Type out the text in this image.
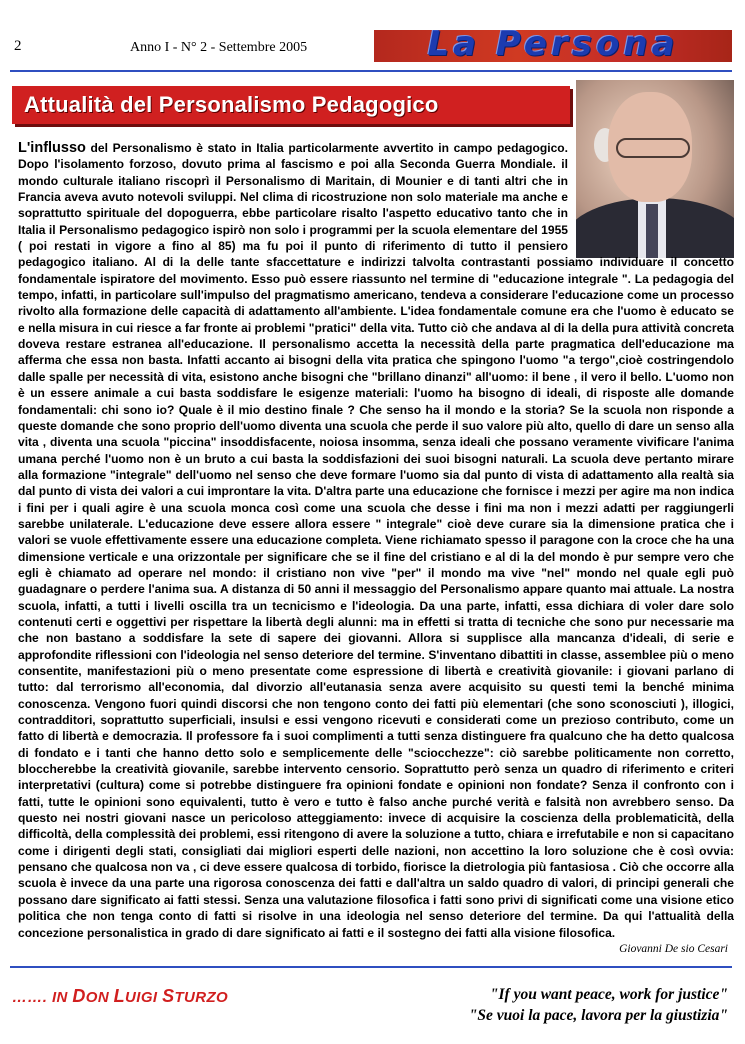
2	Anno I - N° 2 - Settembre 2005	La Persona
Attualità del Personalismo Pedagogico
L'influsso del Personalismo è stato in Italia particolarmente avvertito in campo pedagogico. Dopo l'isolamento forzoso, dovuto prima al fascismo e poi alla Seconda Guerra Mondiale. il mondo culturale italiano riscoprì il Personalismo di Maritain, di Mounier e di tanti altri che in Francia aveva avuto notevoli sviluppi. Nel clima di ricostruzione non solo materiale ma anche e soprattutto spirituale del dopoguerra, ebbe particolare risalto l'aspetto educativo tanto che in Italia il Personalismo pedagogico ispirò non solo i programmi per la scuola elementare del 1955 ( poi restati in vigore a fino al 85) ma fu poi il punto di riferimento di tutto il pensiero pedagogico italiano. Al di la delle tante sfaccettature e indirizzi talvolta contrastanti possiamo individuare il concetto fondamentale ispiratore del movimento. Esso può essere riassunto nel termine di "educazione integrale ". La pedagogia del tempo, infatti, in particolare sull'impulso del pragmatismo americano, tendeva a considerare l'educazione come un processo rivolto alla formazione delle capacità di adattamento all'ambiente. L'idea fondamentale comune era che l'uomo è educato se e nella misura in cui riesce a far fronte ai problemi "pratici" della vita. Tutto ciò che andava al di la della pura attività concreta doveva restare estranea all'educazione. Il personalismo accetta la necessità della parte pragmatica dell'educazione ma afferma che essa non basta. Infatti accanto ai bisogni della vita pratica che spingono l'uomo "a tergo",cioè costringendolo dalle spalle per necessità di vita, esistono anche bisogni che "brillano dinanzi" all'uomo: il bene , il vero il bello. L'uomo non è un essere animale a cui basta soddisfare le esigenze materiali: l'uomo ha bisogno di ideali, di risposte alle domande fondamentali: chi sono io? Quale è il mio destino finale ? Che senso ha il mondo e la storia? Se la scuola non risponde a queste domande che sono proprio dell'uomo diventa una scuola che perde il suo valore più alto, quello di dare un senso alla vita , diventa una scuola "piccina" insoddisfacente, noiosa insomma, senza ideali che possano veramente vivificare l'anima umana perché l'uomo non è un bruto a cui basta la soddisfazioni dei suoi bisogni naturali. La scuola deve pertanto mirare alla formazione "integrale" dell'uomo nel senso che deve formare l'uomo sia dal punto di vista di adattamento alla realtà sia dal punto di vista dei valori a cui improntare la vita. D'altra parte una educazione che fornisce i mezzi per agire ma non indica i fini per i quali agire è una scuola monca così come una scuola che desse i fini ma non i mezzi adatti per raggiungerli sarebbe unilaterale. L'educazione deve essere allora essere " integrale" cioè deve curare sia la dimensione pratica che i valori se vuole effettivamente essere una educazione completa. Viene richiamato spesso il paragone con la croce che ha una dimensione verticale e una orizzontale per significare che se il fine del cristiano e al di la del mondo è pur sempre vero che egli è chiamato ad operare nel mondo: il cristiano non vive "per" il mondo ma vive "nel" mondo nel quale egli può guadagnare o perdere l'anima sua. A distanza di 50 anni il messaggio del Personalismo appare quanto mai attuale. La nostra scuola, infatti, a tutti i livelli oscilla tra un tecnicismo e l'ideologia. Da una parte, infatti, essa dichiara di voler dare solo contenuti certi e oggettivi per rispettare la libertà degli alunni: ma in effetti si tratta di tecniche che sono pur necessarie ma che non bastano a soddisfare la sete di sapere dei giovanni. Allora si supplisce alla mancanza d'ideali, di serie e approfondite riflessioni con l'ideologia nel senso deteriore del termine. S'inventano dibattiti in classe, assemblee più o meno consentite, manifestazioni più o meno presentate come espressione di libertà e creatività giovanile: i giovani parlano di tutto: dal terrorismo all'economia, dal divorzio all'eutanasia senza avere acquisito su questi temi la benché minima conoscenza. Vengono fuori quindi discorsi che non tengono conto dei fatti più elementari (che sono sconosciuti ), illogici, contradditori, soprattutto superficiali, insulsi e essi vengono ricevuti e considerati come un prezioso contributo, come un fatto di libertà e democrazia. Il professore fa i suoi complimenti a tutti senza distinguere fra qualcuno che ha detto qualcosa di fondato e i tanti che hanno detto solo e semplicemente delle "sciocchezze": ciò sarebbe politicamente non corretto, bloccherebbe la creatività giovanile, sarebbe intervento censorio. Soprattutto però senza un quadro di riferimento e criteri interpretativi (cultura) come si potrebbe distinguere fra opinioni fondate e opinioni non fondate? Senza il confronto con i fatti, tutte le opinioni sono equivalenti, tutto è vero e tutto è falso anche purché verità e falsità non avrebbero senso. Da questo nei nostri giovani nasce un pericoloso atteggiamento: invece di acquisire la coscienza della problematicità, della difficoltà, della complessità dei problemi, essi ritengono di avere la soluzione a tutto, chiara e irrefutabile e non si capacitano come i dirigenti degli stati, consigliati dai migliori esperti delle nazioni, non accettino la loro soluzione che è così ovvia: pensano che qualcosa non va , ci deve essere qualcosa di torbido, fiorisce la dietrologia più fantasiosa . Ciò che occorre alla scuola è invece da una parte una rigorosa conoscenza dei fatti e dall'altra un saldo quadro di valori, di principi generali che possano dare significato ai fatti stessi. Senza una valutazione filosofica i fatti sono privi di significati come una visione etico politica che non tenga conto di fatti si risolve in una ideologia nel senso deteriore del termine. Da qui l'attualità della concezione personalistica in grado di dare significato ai fatti e il sostegno dei fatti alla visione filosofica.
Giovanni De sio Cesari
……. IN DON LUIGI STURZO	"If you want peace, work for justice"
"Se vuoi la pace, lavora per la giustizia"
